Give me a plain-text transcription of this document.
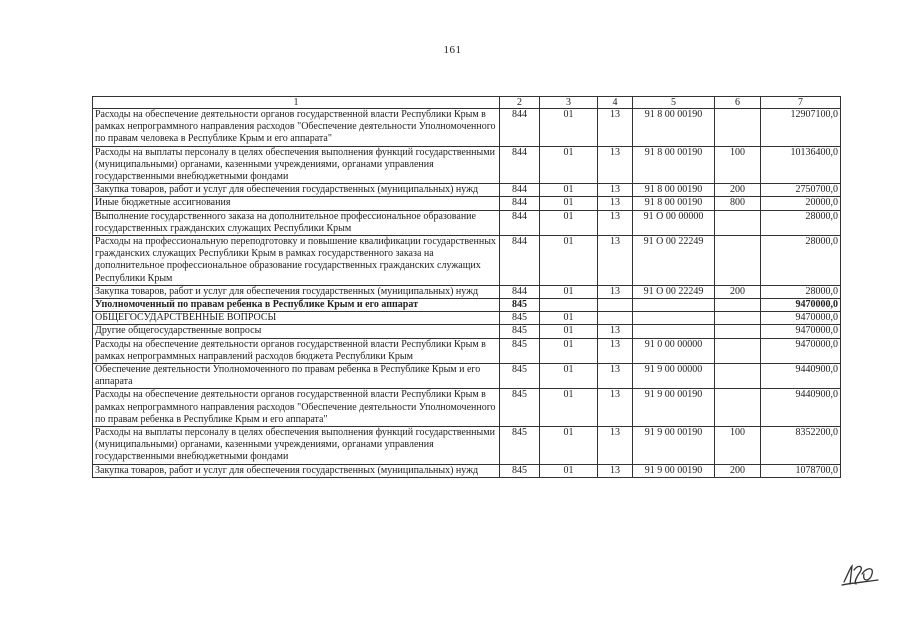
161
1	2	3	4	5	6	7
Расходы на обеспечение деятельности органов государственной власти Республики Крым в рамках непрограммного направления расходов "Обеспечение деятельности Уполномоченного по правам человека в Республике Крым и его аппарата"	844	01	13	91 8 00 00190		12907100,0
Расходы на выплаты персоналу в целях обеспечения выполнения функций государственными (муниципальными) органами, казенными учреждениями, органами управления государственными внебюджетными фондами	844	01	13	91 8 00 00190	100	10136400,0
Закупка товаров, работ и услуг для обеспечения государственных (муниципальных) нужд	844	01	13	91 8 00 00190	200	2750700,0
Иные бюджетные ассигнования	844	01	13	91 8 00 00190	800	20000,0
Выполнение государственного заказа на дополнительное профессиональное образование государственных гражданских служащих Республики Крым	844	01	13	91 О 00 00000		28000,0
Расходы на профессиональную переподготовку и повышение квалификации государственных гражданских служащих Республики Крым в рамках государственного заказа на дополнительное профессиональное образование государственных гражданских служащих Республики Крым	844	01	13	91 О 00 22249		28000,0
Закупка товаров, работ и услуг для обеспечения государственных (муниципальных) нужд	844	01	13	91 О 00 22249	200	28000,0
Уполномоченный по правам ребенка в Республике Крым и его аппарат	845					9470000,0
ОБЩЕГОСУДАРСТВЕННЫЕ ВОПРОСЫ	845	01				9470000,0
Другие общегосударственные вопросы	845	01	13			9470000,0
Расходы на обеспечение деятельности органов государственной власти Республики Крым в рамках непрограммных направлений расходов бюджета Республики Крым	845	01	13	91 0 00 00000		9470000,0
Обеспечение деятельности Уполномоченного по правам ребенка в Республике Крым и его аппарата	845	01	13	91 9 00 00000		9440900,0
Расходы на обеспечение деятельности органов государственной власти Республики Крым в рамках непрограммного направления расходов "Обеспечение деятельности Уполномоченного по правам ребенка в Республике Крым и его аппарата"	845	01	13	91 9 00 00190		9440900,0
Расходы на выплаты персоналу в целях обеспечения выполнения функций государственными (муниципальными) органами, казенными учреждениями, органами управления государственными внебюджетными фондами	845	01	13	91 9 00 00190	100	8352200,0
Закупка товаров, работ и услуг для обеспечения государственных (муниципальных) нужд	845	01	13	91 9 00 00190	200	1078700,0
